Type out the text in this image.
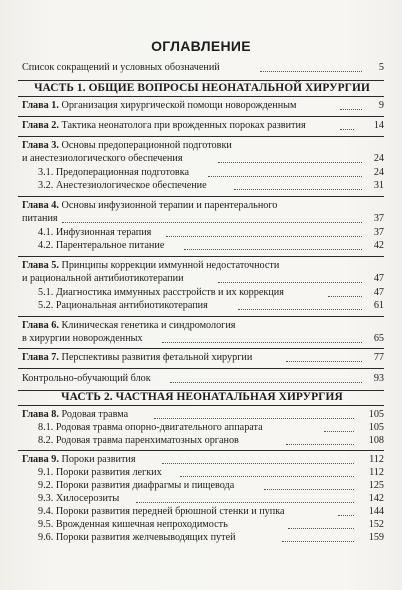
ОГЛАВЛЕНИЕ
Список сокращений и условных обозначений	5
ЧАСТЬ 1. ОБЩИЕ ВОПРОСЫ НЕОНАТАЛЬНОЙ ХИРУРГИИ
Глава 1. Организация хирургической помощи новорожденным	9
Глава 2. Тактика неонатолога при врожденных пороках развития	14
Глава 3. Основы предоперационной подготовки
и анестезиологического обеспечения	24
3.1. Предоперационная подготовка	24
3.2. Анестезиологическое обеспечение	31
Глава 4. Основы инфузионной терапии и парентерального
питания	37
4.1. Инфузионная терапия	37
4.2. Парентеральное питание	42
Глава 5. Принципы коррекции иммунной недостаточности
и рациональной антибиотикотерапии	47
5.1. Диагностика иммунных расстройств и их коррекция	47
5.2. Рациональная антибиотикотерапия	61
Глава 6. Клиническая генетика и синдромология
в хирургии новорожденных	65
Глава 7. Перспективы развития фетальной хирургии	77
Контрольно-обучающий блок	93
ЧАСТЬ 2. ЧАСТНАЯ НЕОНАТАЛЬНАЯ ХИРУРГИЯ
Глава 8. Родовая травма	105
8.1. Родовая травма опорно-двигательного аппарата	105
8.2. Родовая травма паренхиматозных органов	108
Глава 9. Пороки развития	112
9.1. Пороки развития легких	112
9.2. Пороки развития диафрагмы и пищевода	125
9.3. Хилосерозиты	142
9.4. Пороки развития передней брюшной стенки и пупка	144
9.5. Врожденная кишечная непроходимость	152
9.6. Пороки развития желчевыводящих путей	159
